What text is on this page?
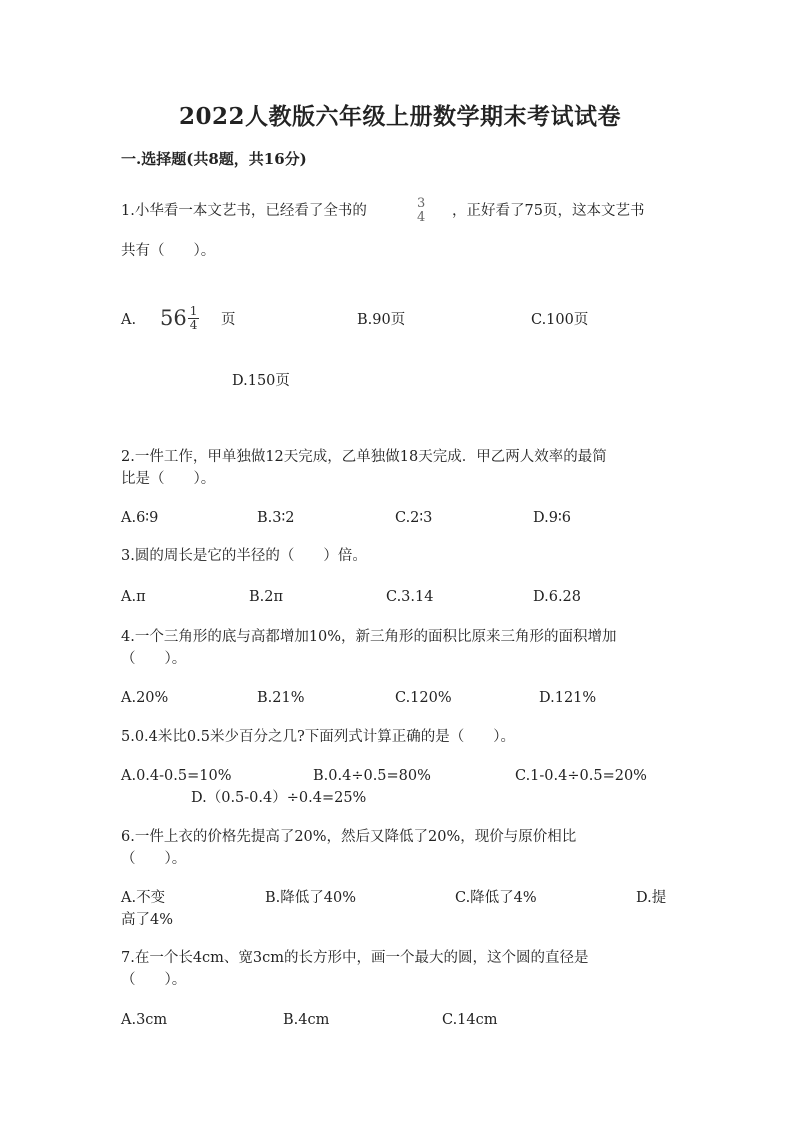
2022人教版六年级上册数学期末考试试卷
一.选择题(共8题，共16分)
1.小华看一本文艺书，已经看了全书的	3
4 ，正好看了75页，这本文艺书
共有（　　）。
A. $56 \frac{1}{4}$ 页	B.90页	C.100页
D.150页
2.一件工作，甲单独做12天完成，乙单独做18天完成．甲乙两人效率的最简
比是（　　）。
A.6∶9	B.3∶2	C.2∶3	D.9∶6
3.圆的周长是它的半径的（　　）倍。
A.π	B.2π	C.3.14	D.6.28
4.一个三角形的底与高都增加10%，新三角形的面积比原来三角形的面积增加
（　　）。
A.20%	B.21%	C.120%	D.121%
5.0.4米比0.5米少百分之几?下面列式计算正确的是（　　）。
A.0.4-0.5=10%	B.0.4÷0.5=80%	C.1-0.4÷0.5=20%
D.（0.5-0.4）÷0.4=25%
6.一件上衣的价格先提高了20%，然后又降低了20%，现价与原价相比
（　　）。
A.不变	B.降低了40%	C.降低了4%	D.提
高了4%
7.在一个长4cm、宽3cm的长方形中，画一个最大的圆，这个圆的直径是
（　　）。
A.3cm	B.4cm	C.14cm
